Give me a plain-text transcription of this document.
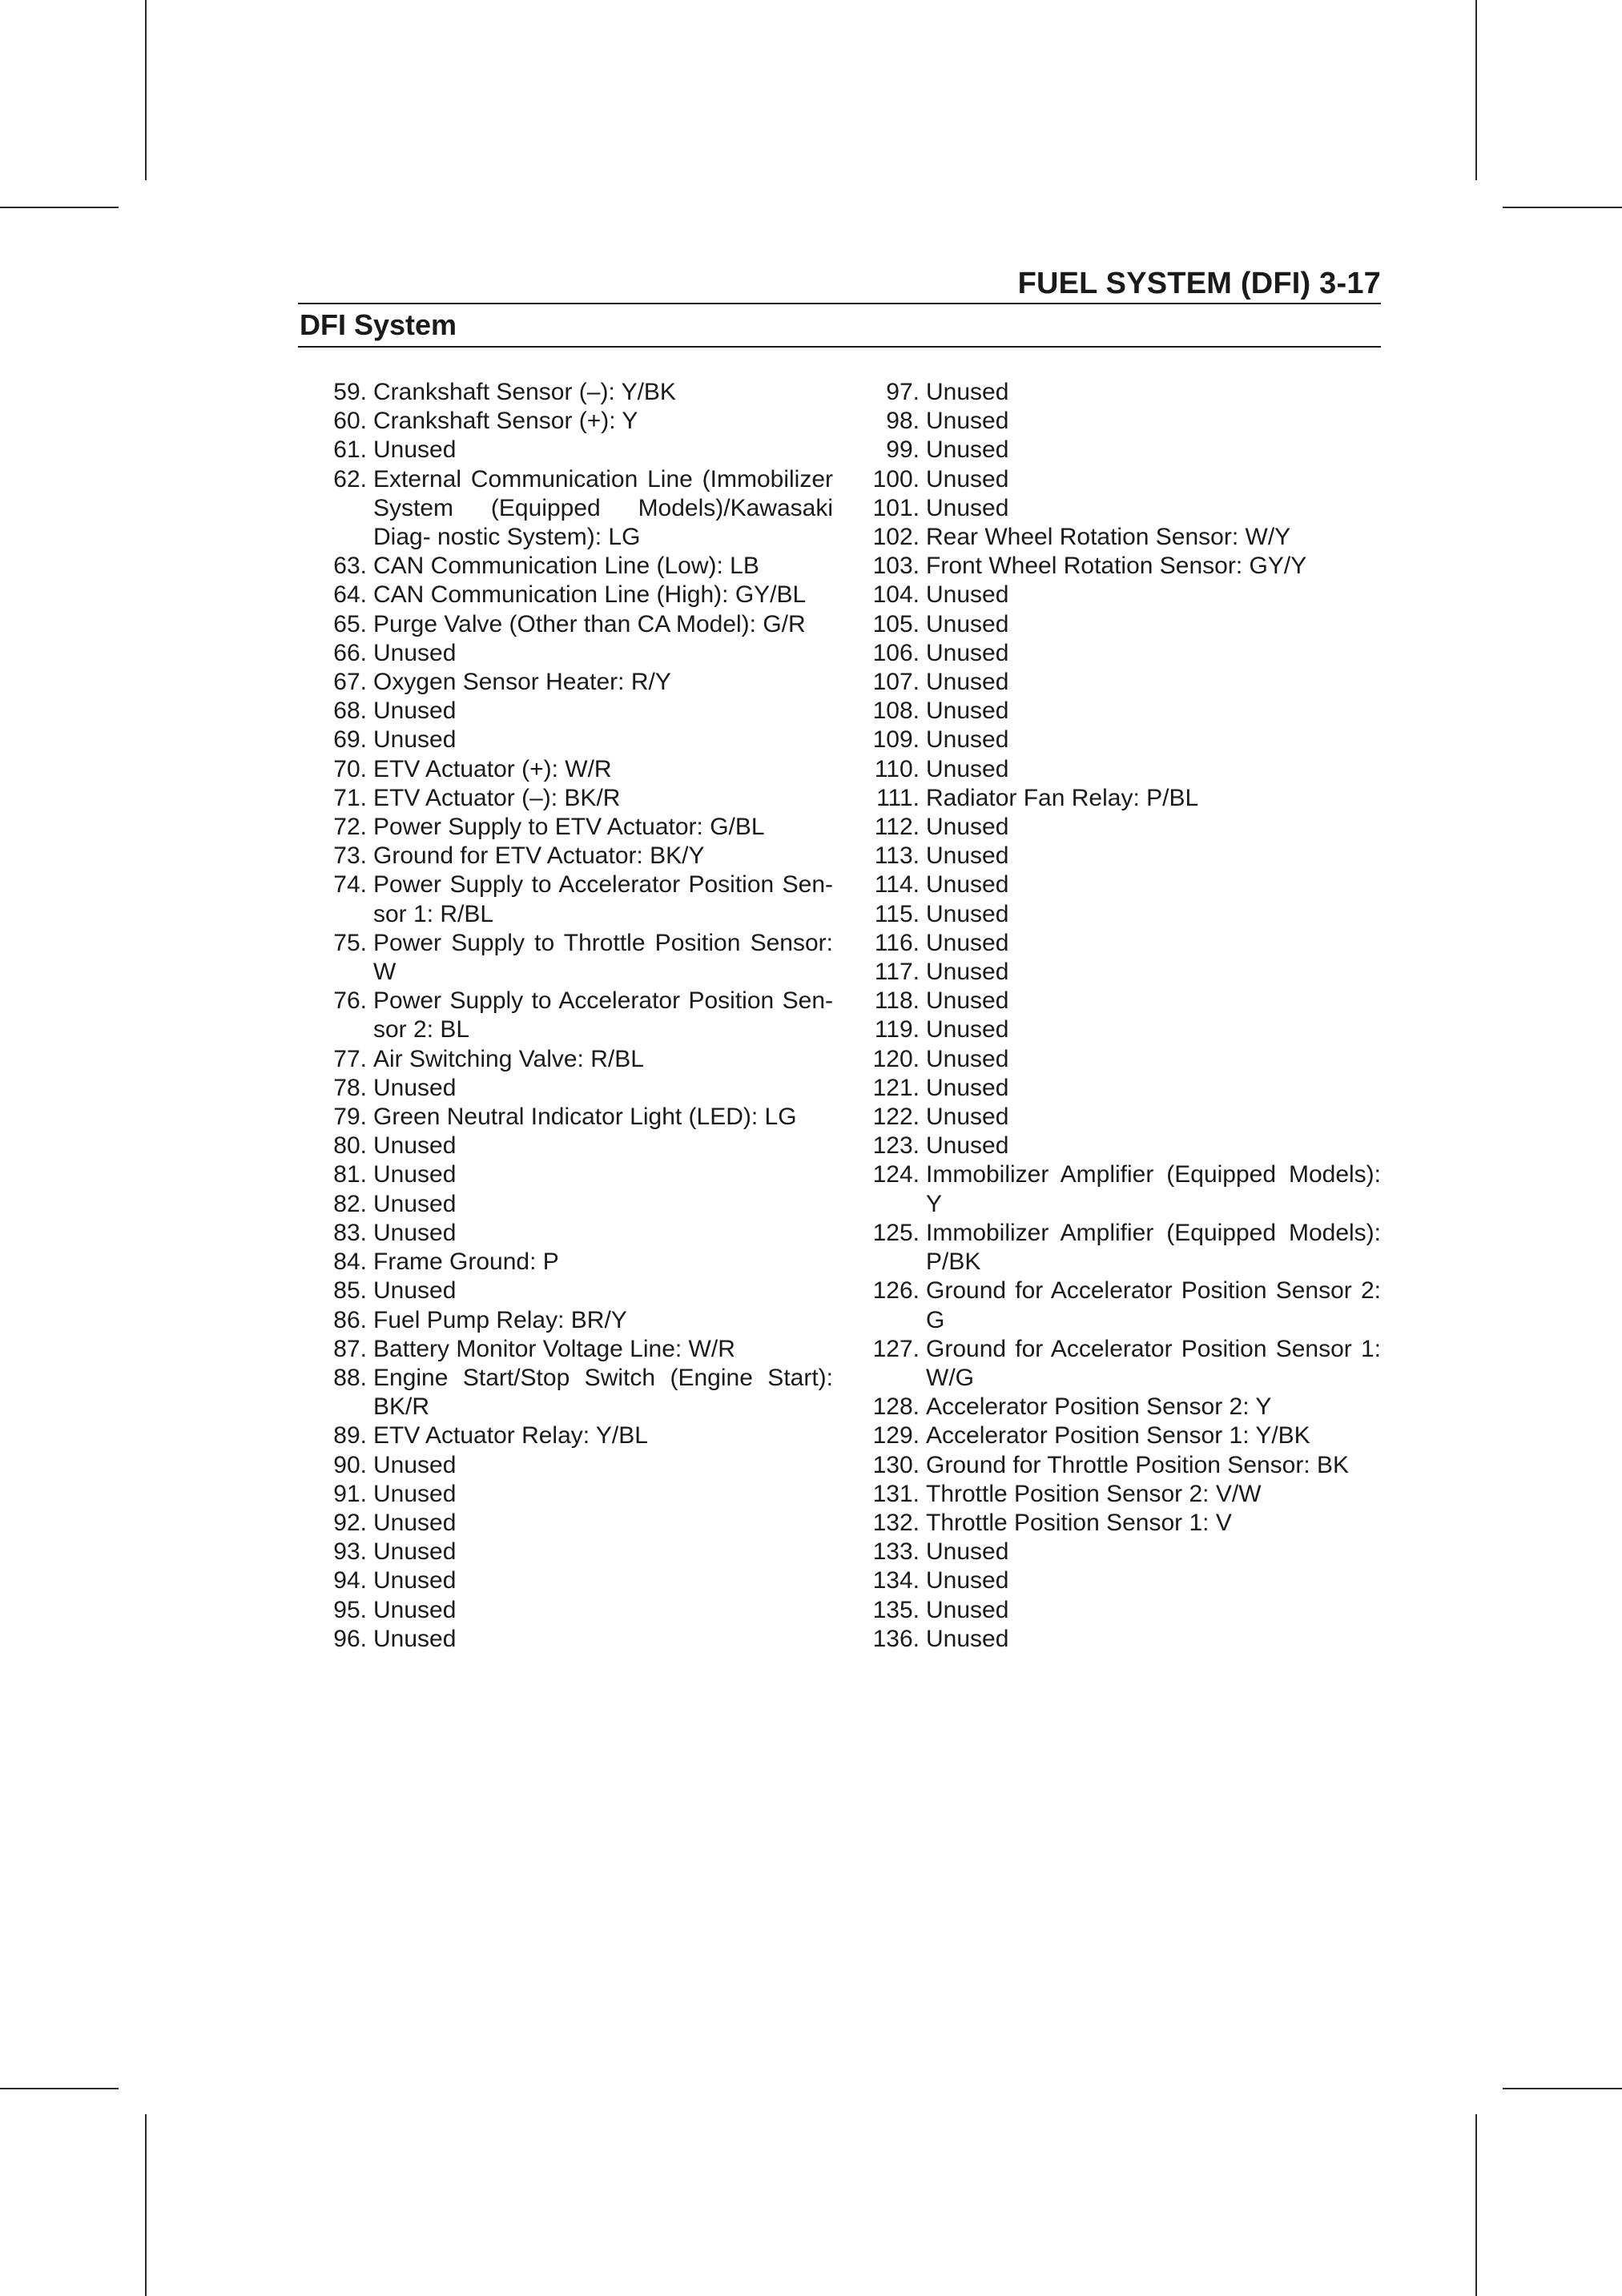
FUEL SYSTEM (DFI) 3-17
DFI System
59. Crankshaft Sensor (–): Y/BK
60. Crankshaft Sensor (+): Y
61. Unused
62. External Communication Line (Immobilizer System (Equipped Models)/Kawasaki Diag- nostic System): LG
63. CAN Communication Line (Low): LB
64. CAN Communication Line (High): GY/BL
65. Purge Valve (Other than CA Model): G/R
66. Unused
67. Oxygen Sensor Heater: R/Y
68. Unused
69. Unused
70. ETV Actuator (+): W/R
71. ETV Actuator (–): BK/R
72. Power Supply to ETV Actuator: G/BL
73. Ground for ETV Actuator: BK/Y
74. Power Supply to Accelerator Position Sen- sor 1: R/BL
75. Power Supply to Throttle Position Sensor: W
76. Power Supply to Accelerator Position Sen- sor 2: BL
77. Air Switching Valve: R/BL
78. Unused
79. Green Neutral Indicator Light (LED): LG
80. Unused
81. Unused
82. Unused
83. Unused
84. Frame Ground: P
85. Unused
86. Fuel Pump Relay: BR/Y
87. Battery Monitor Voltage Line: W/R
88. Engine Start/Stop Switch (Engine Start): BK/R
89. ETV Actuator Relay: Y/BL
90. Unused
91. Unused
92. Unused
93. Unused
94. Unused
95. Unused
96. Unused
97. Unused
98. Unused
99. Unused
100. Unused
101. Unused
102. Rear Wheel Rotation Sensor: W/Y
103. Front Wheel Rotation Sensor: GY/Y
104. Unused
105. Unused
106. Unused
107. Unused
108. Unused
109. Unused
110. Unused
111. Radiator Fan Relay: P/BL
112. Unused
113. Unused
114. Unused
115. Unused
116. Unused
117. Unused
118. Unused
119. Unused
120. Unused
121. Unused
122. Unused
123. Unused
124. Immobilizer Amplifier (Equipped Models): Y
125. Immobilizer Amplifier (Equipped Models): P/BK
126. Ground for Accelerator Position Sensor 2: G
127. Ground for Accelerator Position Sensor 1: W/G
128. Accelerator Position Sensor 2: Y
129. Accelerator Position Sensor 1: Y/BK
130. Ground for Throttle Position Sensor: BK
131. Throttle Position Sensor 2: V/W
132. Throttle Position Sensor 1: V
133. Unused
134. Unused
135. Unused
136. Unused
